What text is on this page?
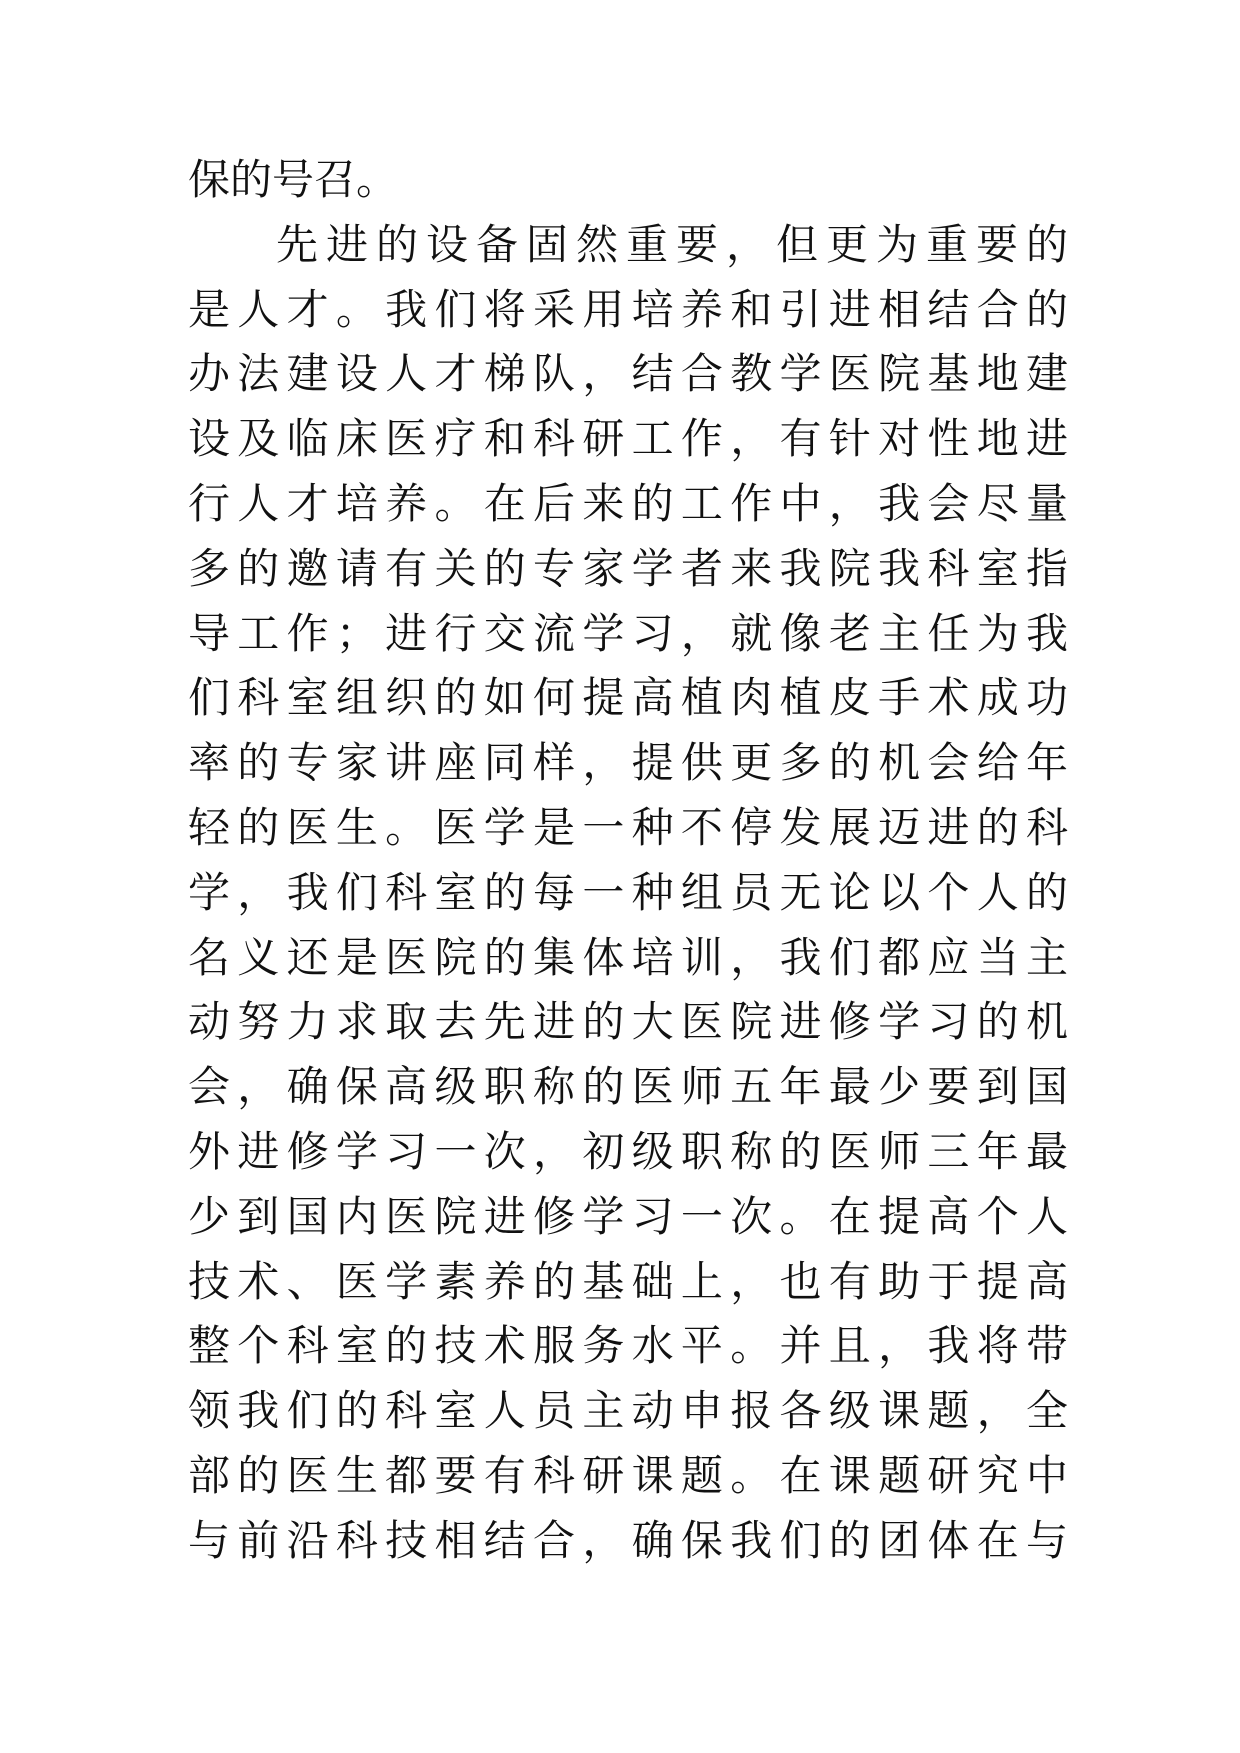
保的号召。
先进的设备固然重要，但更为重要的
是人才。我们将采用培养和引进相结合的
办法建设人才梯队，结合教学医院基地建
设及临床医疗和科研工作，有针对性地进
行人才培养。在后来的工作中，我会尽量
多的邀请有关的专家学者来我院我科室指
导工作；进行交流学习，就像老主任为我
们科室组织的如何提高植肉植皮手术成功
率的专家讲座同样，提供更多的机会给年
轻的医生。医学是一种不停发展迈进的科
学，我们科室的每一种组员无论以个人的
名义还是医院的集体培训，我们都应当主
动努力求取去先进的大医院进修学习的机
会，确保高级职称的医师五年最少要到国
外进修学习一次，初级职称的医师三年最
少到国内医院进修学习一次。在提高个人
技术、医学素养的基础上，也有助于提高
整个科室的技术服务水平。并且，我将带
领我们的科室人员主动申报各级课题，全
部的医生都要有科研课题。在课题研究中
与前沿科技相结合，确保我们的团体在与
